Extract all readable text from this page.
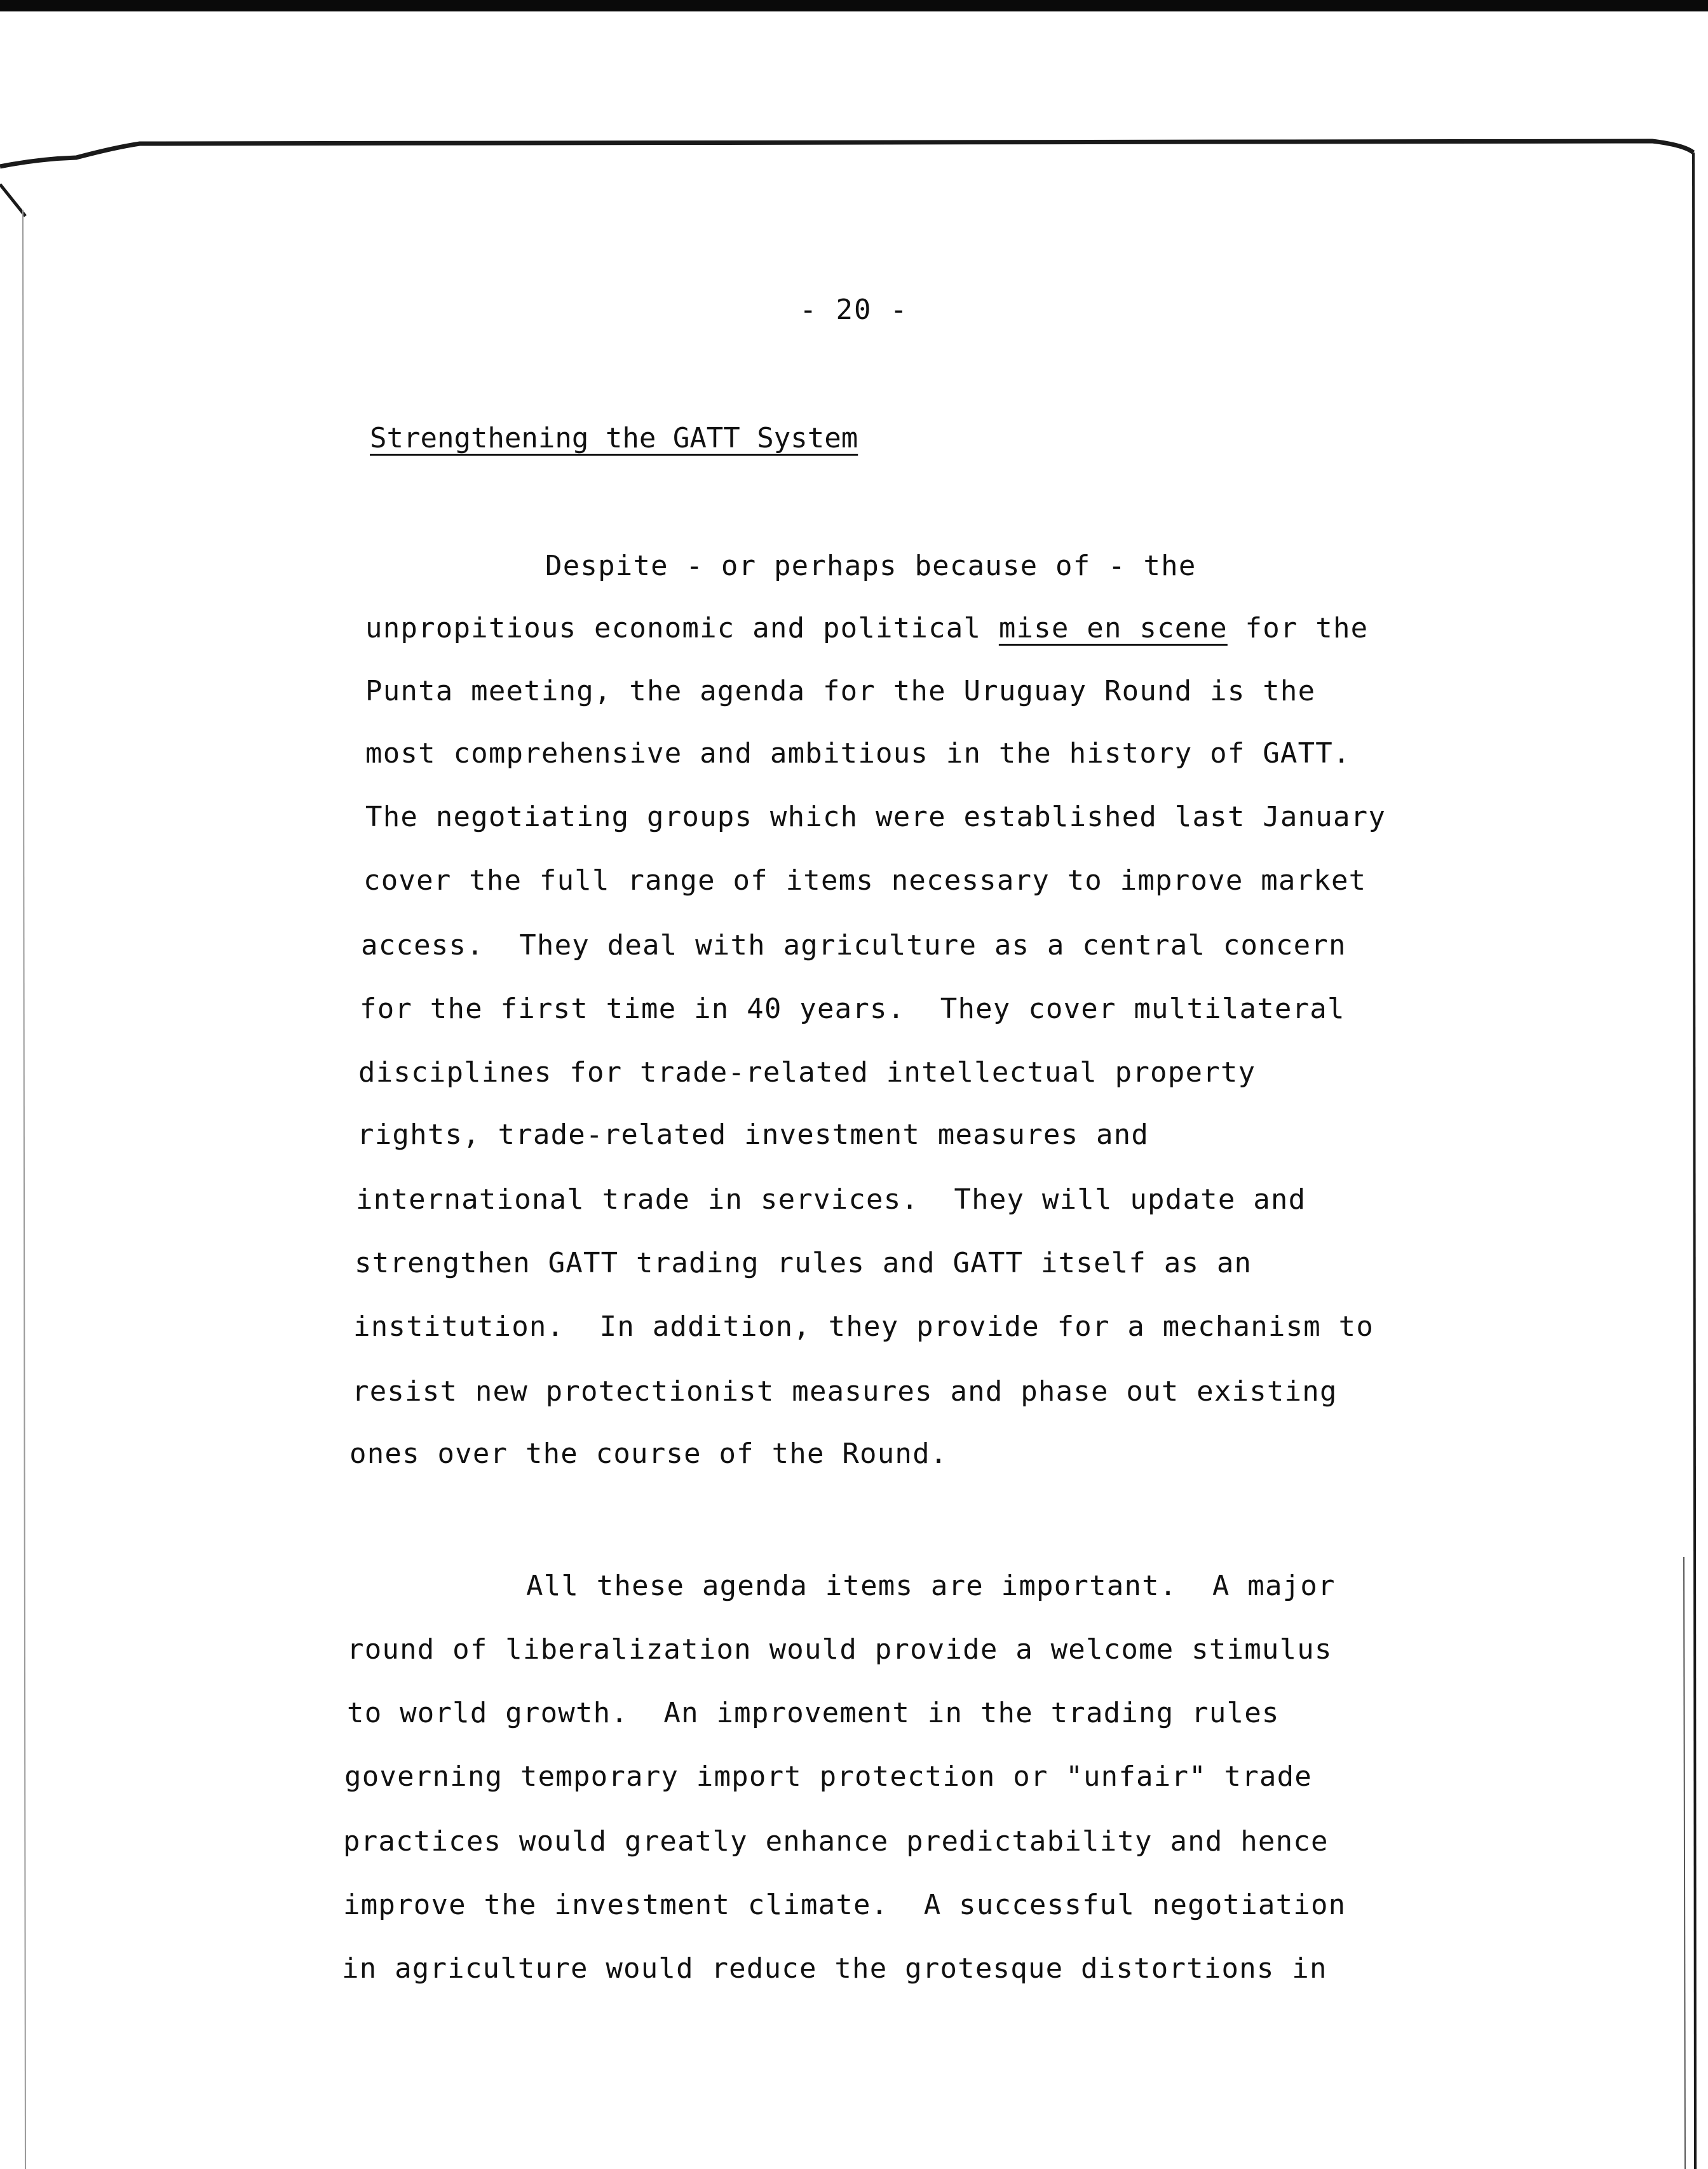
- 20 -
Strengthening the GATT System
Despite - or perhaps because of - the
unpropitious economic and political mise en scene for the
Punta meeting, the agenda for the Uruguay Round is the
most comprehensive and ambitious in the history of GATT.
The negotiating groups which were established last January
cover the full range of items necessary to improve market
access.  They deal with agriculture as a central concern
for the first time in 40 years.  They cover multilateral
disciplines for trade-related intellectual property
rights, trade-related investment measures and
international trade in services.  They will update and
strengthen GATT trading rules and GATT itself as an
institution.  In addition, they provide for a mechanism to
resist new protectionist measures and phase out existing
ones over the course of the Round.
All these agenda items are important.  A major
round of liberalization would provide a welcome stimulus
to world growth.  An improvement in the trading rules
governing temporary import protection or "unfair" trade
practices would greatly enhance predictability and hence
improve the investment climate.  A successful negotiation
in agriculture would reduce the grotesque distortions in
